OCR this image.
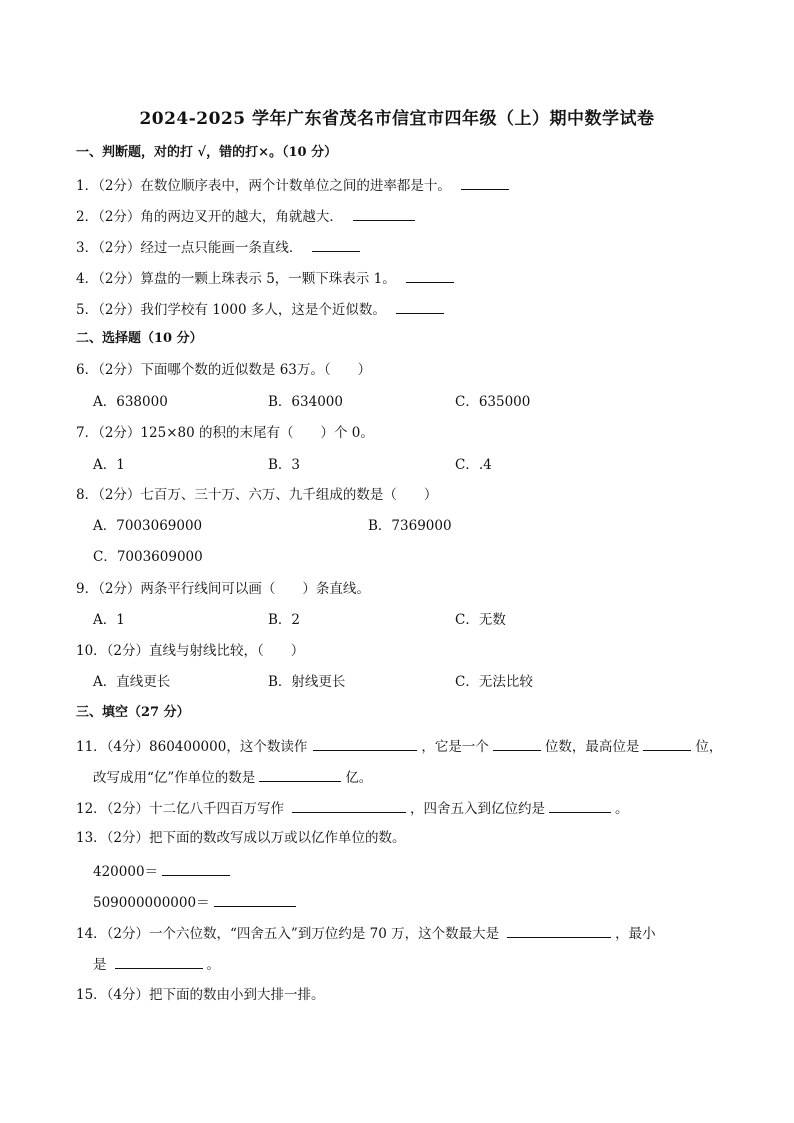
2024-2025 学年广东省茂名市信宜市四年级（上）期中数学试卷
一、判断题，对的打 √，错的打×。（10 分）
1．（2分）在数位顺序表中，两个计数单位之间的进率都是十。
2．（2分）角的两边叉开的越大，角就越大．
3．（2分）经过一点只能画一条直线．
4．（2分）算盘的一颗上珠表示 5，一颗下珠表示 1。
5．（2分）我们学校有 1000 多人，这是个近似数。
二、选择题（10 分）
6．（2分）下面哪个数的近似数是 63万。（　　）
A．638000	B．634000	C．635000
7．（2分）125×80 的积的末尾有（　　）个 0。
A．1	B．3	C．.4
8．（2分）七百万、三十万、六万、九千组成的数是（　　）
A．7003069000	B．7369000
C．7003609000
9．（2分）两条平行线间可以画（　　）条直线。
A．1	B．2	C．无数
10．（2分）直线与射线比较，（　　）
A．直线更长	B．射线更长	C．无法比较
三、填空（27 分）
11．（4分）860400000，这个数读作	，它是一个	位数，最高位是	位，
改写成用“亿”作单位的数是	亿。
12．（2分）十二亿八千四百万写作	，四舍五入到亿位约是	。
13．（2分）把下面的数改写成以万或以亿作单位的数。
420000＝
509000000000＝
14．（2分）一个六位数，“四舍五入”到万位约是 70 万，这个数最大是	，最小
是	。
15．（4分）把下面的数由小到大排一排。
